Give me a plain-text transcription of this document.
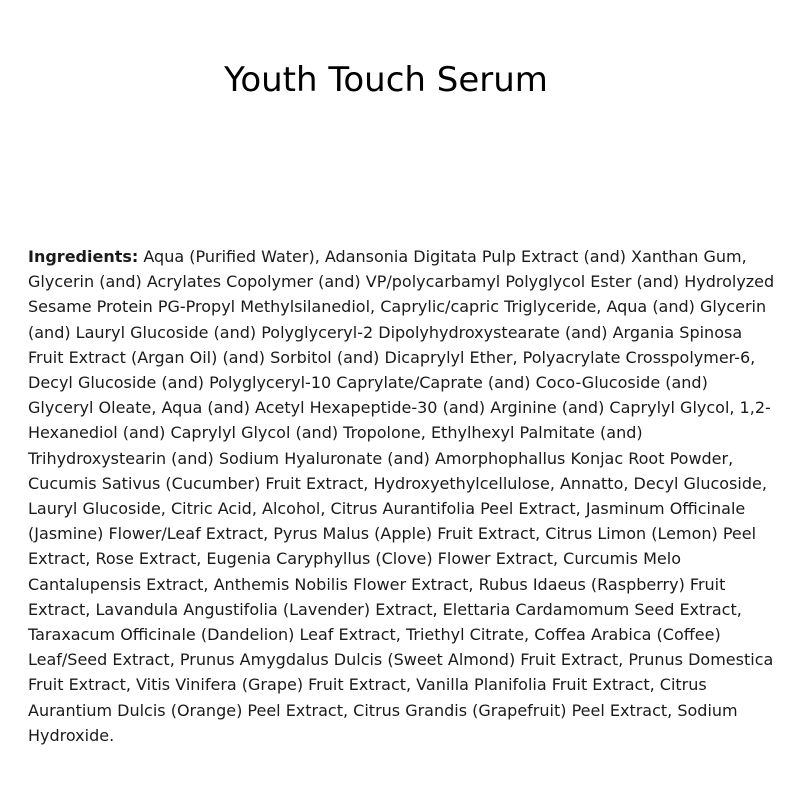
Youth Touch Serum

Ingredients: Aqua (Purified Water), Adansonia Digitata Pulp Extract (and) Xanthan Gum, Glycerin (and) Acrylates Copolymer (and) VP/polycarbamyl Polyglycol Ester (and) Hydrolyzed Sesame Protein PG-Propyl Methylsilanediol, Caprylic/capric Triglyceride, Aqua (and) Glycerin (and) Lauryl Glucoside (and) Polyglyceryl-2 Dipolyhydroxystearate (and) Argania Spinosa Fruit Extract (Argan Oil) (and) Sorbitol (and) Dicaprylyl Ether, Polyacrylate Crosspolymer-6, Decyl Glucoside (and) Polyglyceryl-10 Caprylate/Caprate (and) Coco-Glucoside (and) Glyceryl Oleate, Aqua (and) Acetyl Hexapeptide-30 (and) Arginine (and) Caprylyl Glycol, 1,2-Hexanediol (and) Caprylyl Glycol (and) Tropolone, Ethylhexyl Palmitate (and) Trihydroxystearin (and) Sodium Hyaluronate (and) Amorphophallus Konjac Root Powder, Cucumis Sativus (Cucumber) Fruit Extract, Hydroxyethylcellulose, Annatto, Decyl Glucoside, Lauryl Glucoside, Citric Acid, Alcohol, Citrus Aurantifolia Peel Extract, Jasminum Officinale (Jasmine) Flower/Leaf Extract, Pyrus Malus (Apple) Fruit Extract, Citrus Limon (Lemon) Peel Extract, Rose Extract, Eugenia Caryphyllus (Clove) Flower Extract, Curcumis Melo Cantalupensis Extract, Anthemis Nobilis Flower Extract, Rubus Idaeus (Raspberry) Fruit Extract, Lavandula Angustifolia (Lavender) Extract, Elettaria Cardamomum Seed Extract, Taraxacum Officinale (Dandelion) Leaf Extract, Triethyl Citrate, Coffea Arabica (Coffee) Leaf/Seed Extract, Prunus Amygdalus Dulcis (Sweet Almond) Fruit Extract, Prunus Domestica Fruit Extract, Vitis Vinifera (Grape) Fruit Extract, Vanilla Planifolia Fruit Extract, Citrus Aurantium Dulcis (Orange) Peel Extract, Citrus Grandis (Grapefruit) Peel Extract, Sodium Hydroxide.
